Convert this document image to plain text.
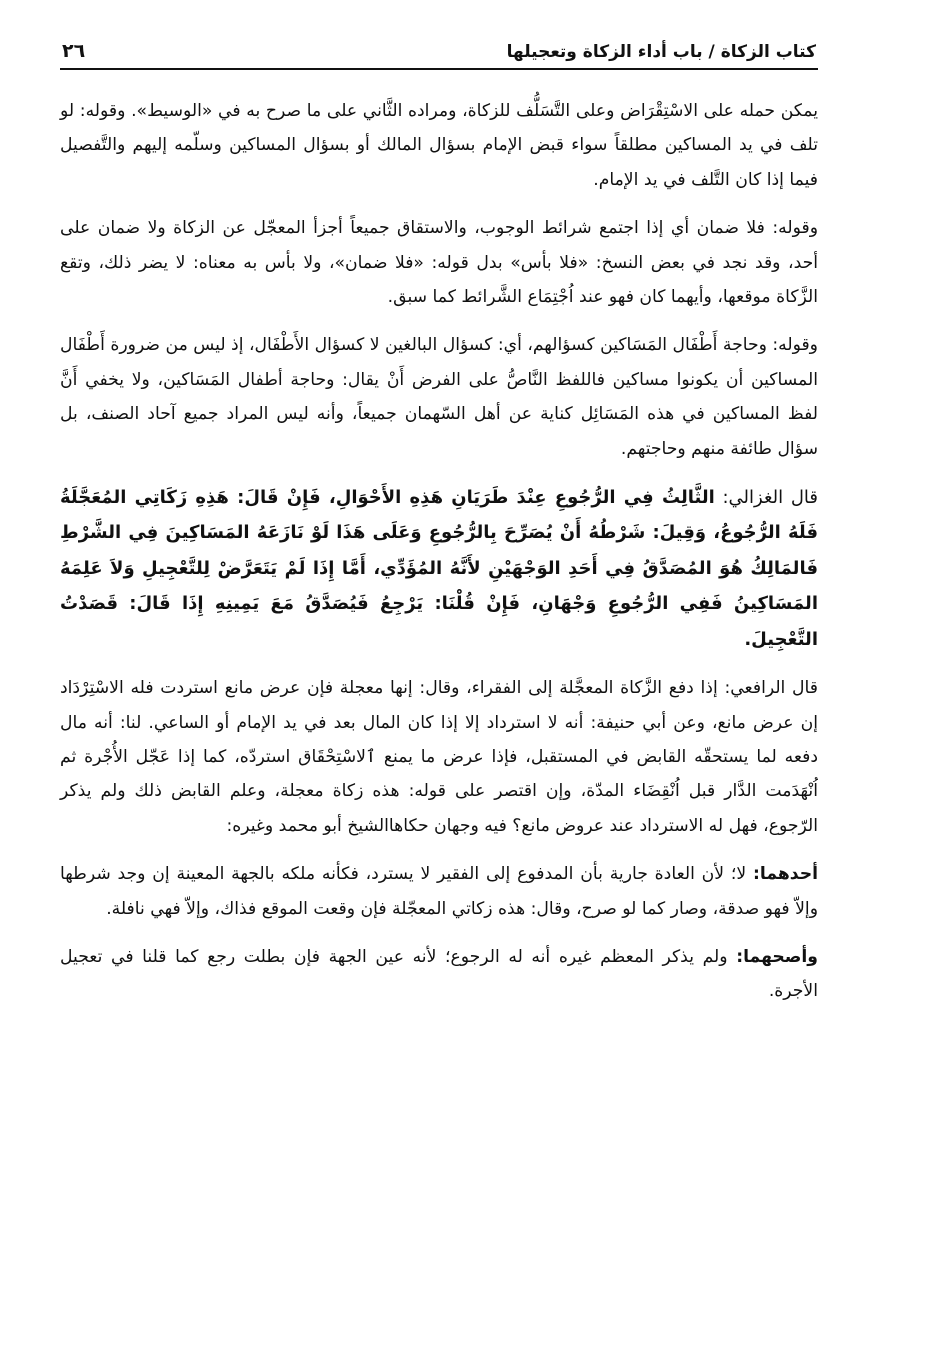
كتاب الزكاة / باب أداء الزكاة وتعجيلها
٢٦

يمكن حمله على الاسْتِقْرَاض وعلى التَّسَلُّف للزكاة، ومراده الثَّاني على ما صرح به في «الوسيط». وقوله: لو تلف في يد المساكين مطلقاً سواء قبض الإمام بسؤال المالك أو بسؤال المساكين وسلّمه إليهم والتَّفصيل فيما إذا كان التَّلف في يد الإمام.

وقوله: فلا ضمان أي إذا اجتمع شرائط الوجوب، والاستقاق جميعاً أجزأ المعجّل عن الزكاة ولا ضمان على أحد، وقد نجد في بعض النسخ: «فلا بأس» بدل قوله: «فلا ضمان»، ولا بأس به معناه: لا يضر ذلك، وتقع الزَّكاة موقعها، وأيهما كان فهو عند اُجْتِمَاع الشَّرائط كما سبق.

وقوله: وحاجة أَطْفَال المَسَاكين كسؤالهم، أي: كسؤال البالغين لا كسؤال الأَطْفَال، إذ ليس من ضرورة أَطْفَال المساكين أن يكونوا مساكين فاللفظ النَّاصُّ على الفرض أَنْ يقال: وحاجة أطفال المَسَاكين، ولا يخفي أَنَّ لفظ المساكين في هذه المَسَائِل كناية عن أهل السّهمان جميعاً، وأنه ليس المراد جميع آحاد الصنف، بل سؤال طائفة منهم وحاجتهم.

قال الغزالي: الثَّالِثُ فِي الرُّجُوعِ عِنْدَ طَرَيَانِ هَذِهِ الأَحْوَالِ، فَإِنْ قَالَ: هَذِهِ زَكَاتِي المُعَجَّلَةُ فَلَهُ الرُّجُوعُ، وَقِيلَ: شَرْطُهُ أَنْ يُصَرِّحَ بِالرُّجُوعِ وَعَلَى هَذَا لَوْ نَازَعَهُ المَسَاكِينَ فِي الشَّرْطِ فَالمَالِكُ هُوَ المُصَدَّقُ فِي أَحَدِ الوَجْهَيْنِ لأَنَّهُ المُؤَدِّي، أَمَّا إِذَا لَمْ يَتَعَرَّضْ لِلتَّعْجِيلِ وَلاَ عَلِمَهُ المَسَاكِينُ فَفِي الرُّجُوعِ وَجْهَانِ، فَإِنْ قُلْنَا: يَرْجِعُ فَيُصَدَّقُ مَعَ يَمِينِهِ إِذَا قَالَ: قَصَدْتُ التَّعْجِيلَ.

قال الرافعي: إذا دفع الزَّكاة المعجَّلة إلى الفقراء، وقال: إنها معجلة فإن عرض مانع استردت فله الاسْتِرْدَاد إن عرض مانع، وعن أبي حنيفة: أنه لا استرداد إلا إذا كان المال بعد في يد الإمام أو الساعي. لنا: أنه مال دفعه لما يستحقّه القابض في المستقبل، فإذا عرض ما يمنع ٱلاسْتِحْقَاق استردّه، كما إذا عَجّل الأُجْرة ثم اُنْهَدَمت الدَّار قبل اُنْقِضَاء المدّة، وإن اقتصر على قوله: هذه زكاة معجلة، وعلم القابض ذلك ولم يذكر الرّجوع، فهل له الاسترداد عند عروض مانع؟ فيه وجهان حكاهاالشيخ أبو محمد وغيره:

أحدهما: لا؛ لأن العادة جارية بأن المدفوع إلى الفقير لا يسترد، فكأنه ملكه بالجهة المعينة إن وجد شرطها وإلاّ فهو صدقة، وصار كما لو صرح، وقال: هذه زكاتي المعجّلة فإن وقعت الموقع فذاك، وإلاّ فهي نافلة.

وأصحهما: ولم يذكر المعظم غيره أنه له الرجوع؛ لأنه عين الجهة فإن بطلت رجع كما قلنا في تعجيل الأجرة.
